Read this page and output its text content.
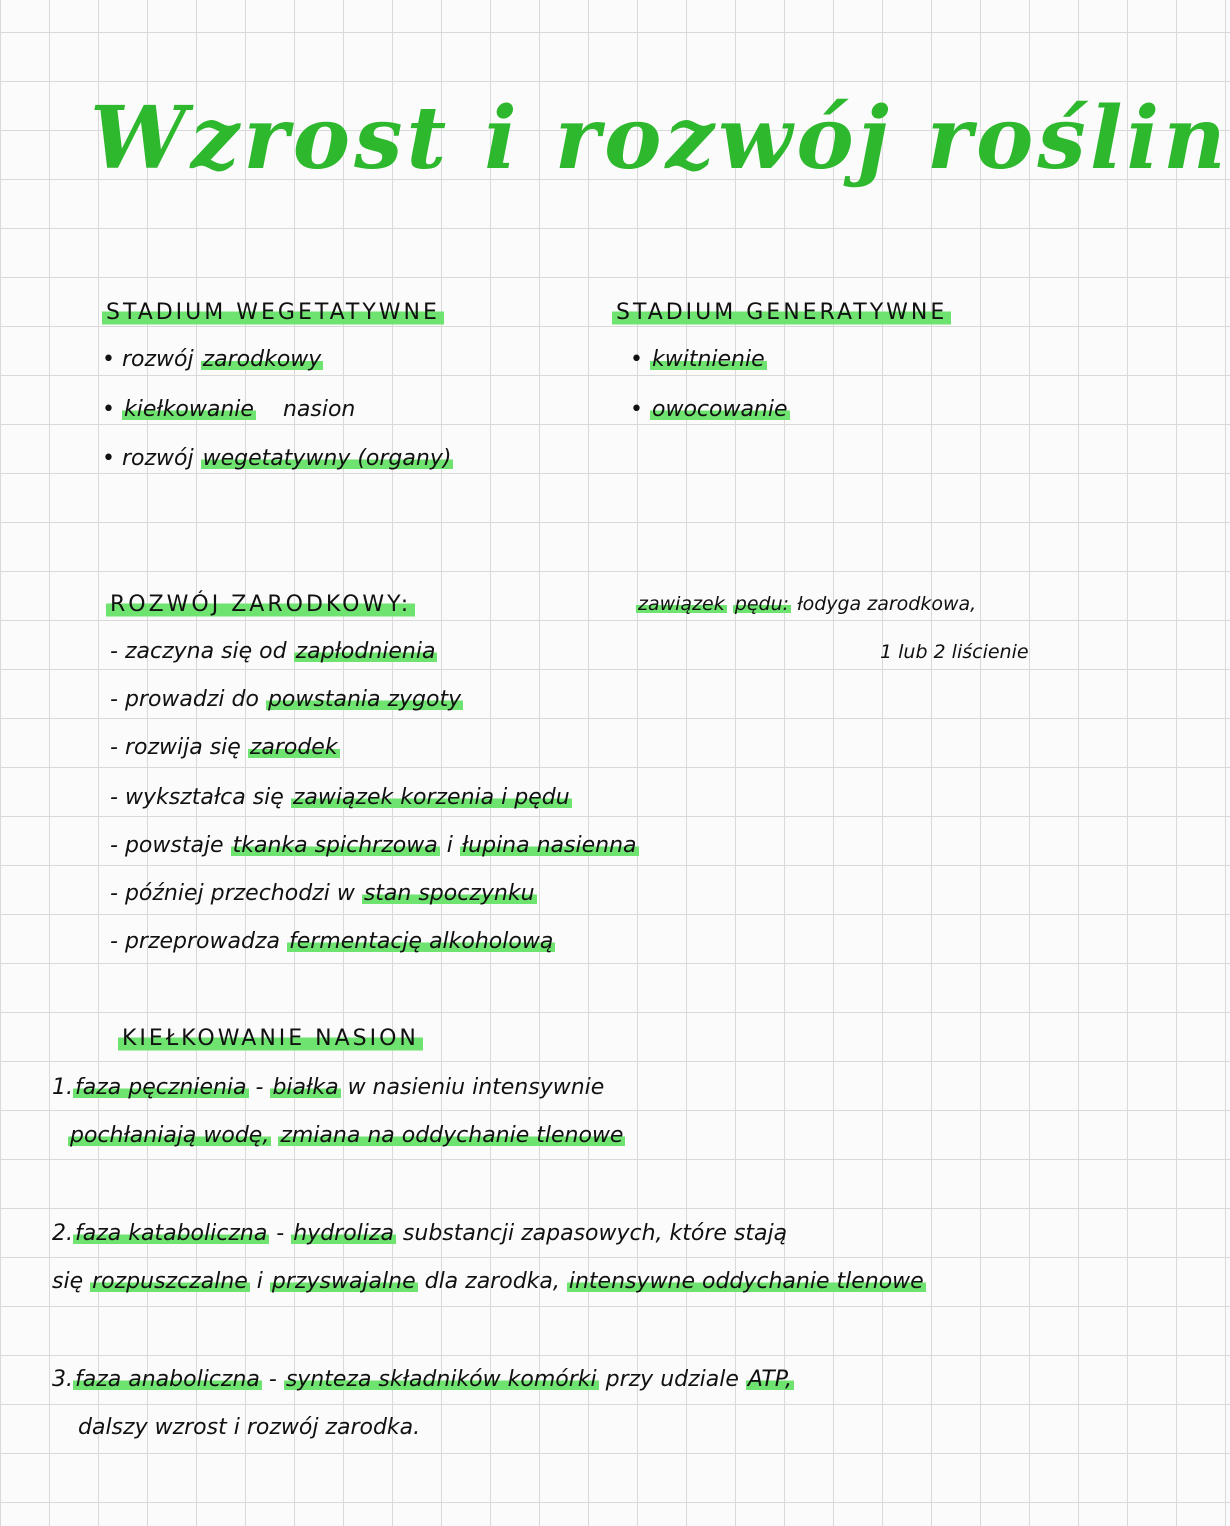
Wzrost i rozwój roślin
STADIUM WEGETATYWNE
• rozwój zarodkowy
• kiełkowanie nasion
• rozwój wegetatywny (organy)
STADIUM GENERATYWNE
• kwitnienie
• owocowanie
ROZWÓJ ZARODKOWY:
- zaczyna się od zapłodnienia
- prowadzi do powstania zygoty
- rozwija się zarodek
- wykształca się zawiązek korzenia i pędu
- powstaje tkanka spichrzowa i łupina nasienna
- później przechodzi w stan spoczynku
- przeprowadza fermentację alkoholową
zawiązek pędu: łodyga zarodkowa,
1 lub 2 liścienie
KIEŁKOWANIE NASION
1.faza pęcznienia - białka w nasieniu intensywnie
pochłaniają wodę, zmiana na oddychanie tlenowe
2.faza kataboliczna - hydroliza substancji zapasowych, które stają
się rozpuszczalne i przyswajalne dla zarodka, intensywne oddychanie tlenowe
3.faza anaboliczna - synteza składników komórki przy udziale ATP,
dalszy wzrost i rozwój zarodka.
